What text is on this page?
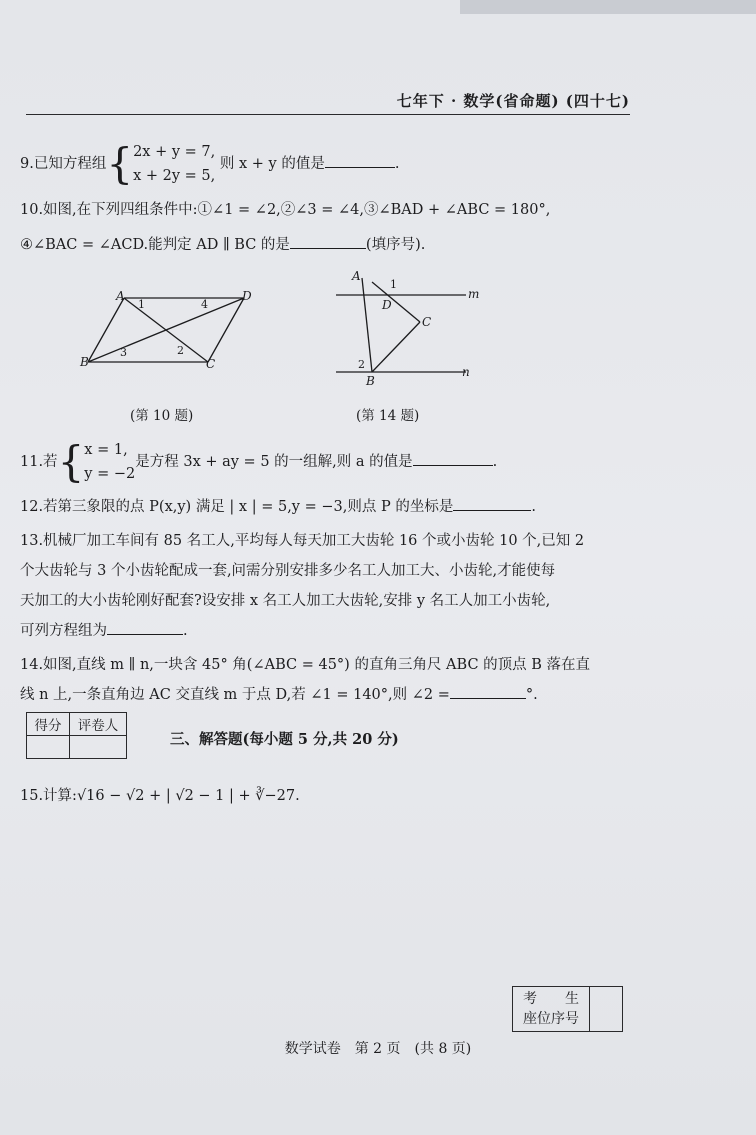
七年下 · 数学(省命题) (四十七)
9.已知方程组{2x + y = 7,
x + 2y = 5, 则 x + y 的值是	.
10.如图,在下列四组条件中:①∠1 = ∠2,②∠3 = ∠4,③∠BAD + ∠ABC = 180°,
④∠BAC = ∠ACD.能判定 AD ∥ BC 的是	(填序号).
A	D
B	C
1	4
3	2
(第 10 题)
A
D
C
B
m
n
1
2
(第 14 题)
11.若{x = 1,
y = −2是方程 3x + ay = 5 的一组解,则 a 的值是	.
12.若第三象限的点 P(x,y) 满足 | x | = 5,y = −3,则点 P 的坐标是	.
13.机械厂加工车间有 85 名工人,平均每人每天加工大齿轮 16 个或小齿轮 10 个,已知 2
个大齿轮与 3 个小齿轮配成一套,问需分别安排多少名工人加工大、小齿轮,才能使每
天加工的大小齿轮刚好配套?设安排 x 名工人加工大齿轮,安排 y 名工人加工小齿轮,
可列方程组为	.
14.如图,直线 m ∥ n,一块含 45° 角(∠ABC = 45°) 的直角三角尺 ABC 的顶点 B 落在直
线 n 上,一条直角边 AC 交直线 m 于点 D,若 ∠1 = 140°,则 ∠2 =	°.
得分	评卷人

三、解答题(每小题 5 分,共 20 分)
15.计算:√16 − √2 + | √2 − 1 | + ∛−27.
考　　生
座位序号

数学试卷　第 2 页　(共 8 页)
